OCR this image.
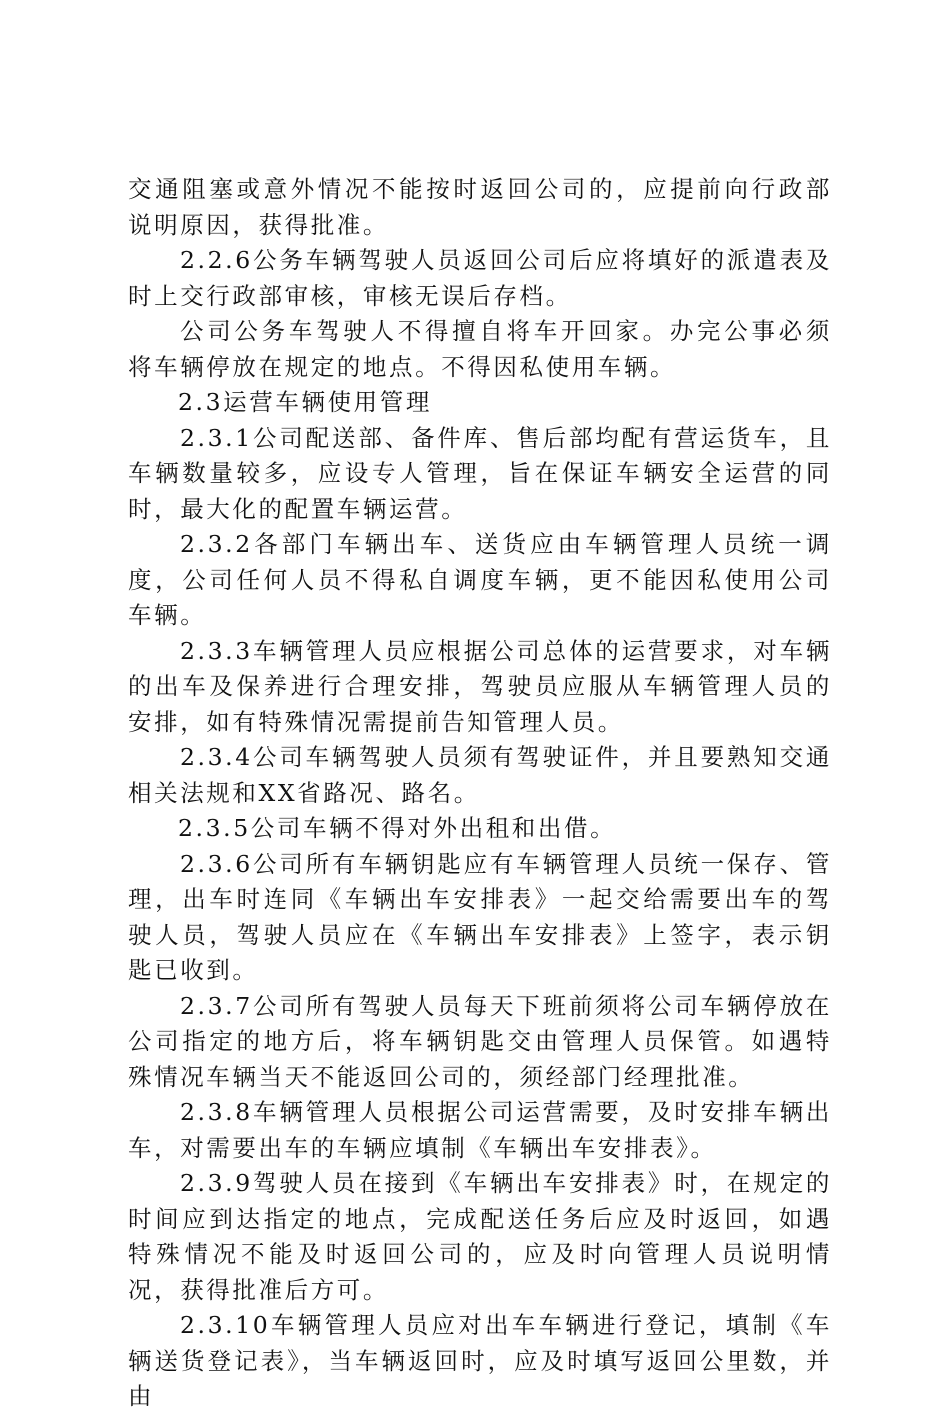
交通阻塞或意外情况不能按时返回公司的，应提前向行政部说明原因，获得批准。

2.2.6公务车辆驾驶人员返回公司后应将填好的派遣表及时上交行政部审核，审核无误后存档。

公司公务车驾驶人不得擅自将车开回家。办完公事必须将车辆停放在规定的地点。不得因私使用车辆。

2.3运营车辆使用管理

2.3.1公司配送部、备件库、售后部均配有营运货车，且车辆数量较多，应设专人管理，旨在保证车辆安全运营的同时，最大化的配置车辆运营。

2.3.2各部门车辆出车、送货应由车辆管理人员统一调度，公司任何人员不得私自调度车辆，更不能因私使用公司车辆。

2.3.3车辆管理人员应根据公司总体的运营要求，对车辆的出车及保养进行合理安排，驾驶员应服从车辆管理人员的安排，如有特殊情况需提前告知管理人员。

2.3.4公司车辆驾驶人员须有驾驶证件，并且要熟知交通相关法规和XX省路况、路名。

2.3.5公司车辆不得对外出租和出借。

2.3.6公司所有车辆钥匙应有车辆管理人员统一保存、管理，出车时连同《车辆出车安排表》一起交给需要出车的驾驶人员，驾驶人员应在《车辆出车安排表》上签字，表示钥匙已收到。

2.3.7公司所有驾驶人员每天下班前须将公司车辆停放在公司指定的地方后，将车辆钥匙交由管理人员保管。如遇特殊情况车辆当天不能返回公司的，须经部门经理批准。

2.3.8车辆管理人员根据公司运营需要，及时安排车辆出车，对需要出车的车辆应填制《车辆出车安排表》。

2.3.9驾驶人员在接到《车辆出车安排表》时，在规定的时间应到达指定的地点，完成配送任务后应及时返回，如遇特殊情况不能及时返回公司的，应及时向管理人员说明情况，获得批准后方可。

2.3.10车辆管理人员应对出车车辆进行登记，填制《车辆送货登记表》，当车辆返回时，应及时填写返回公里数，并由
